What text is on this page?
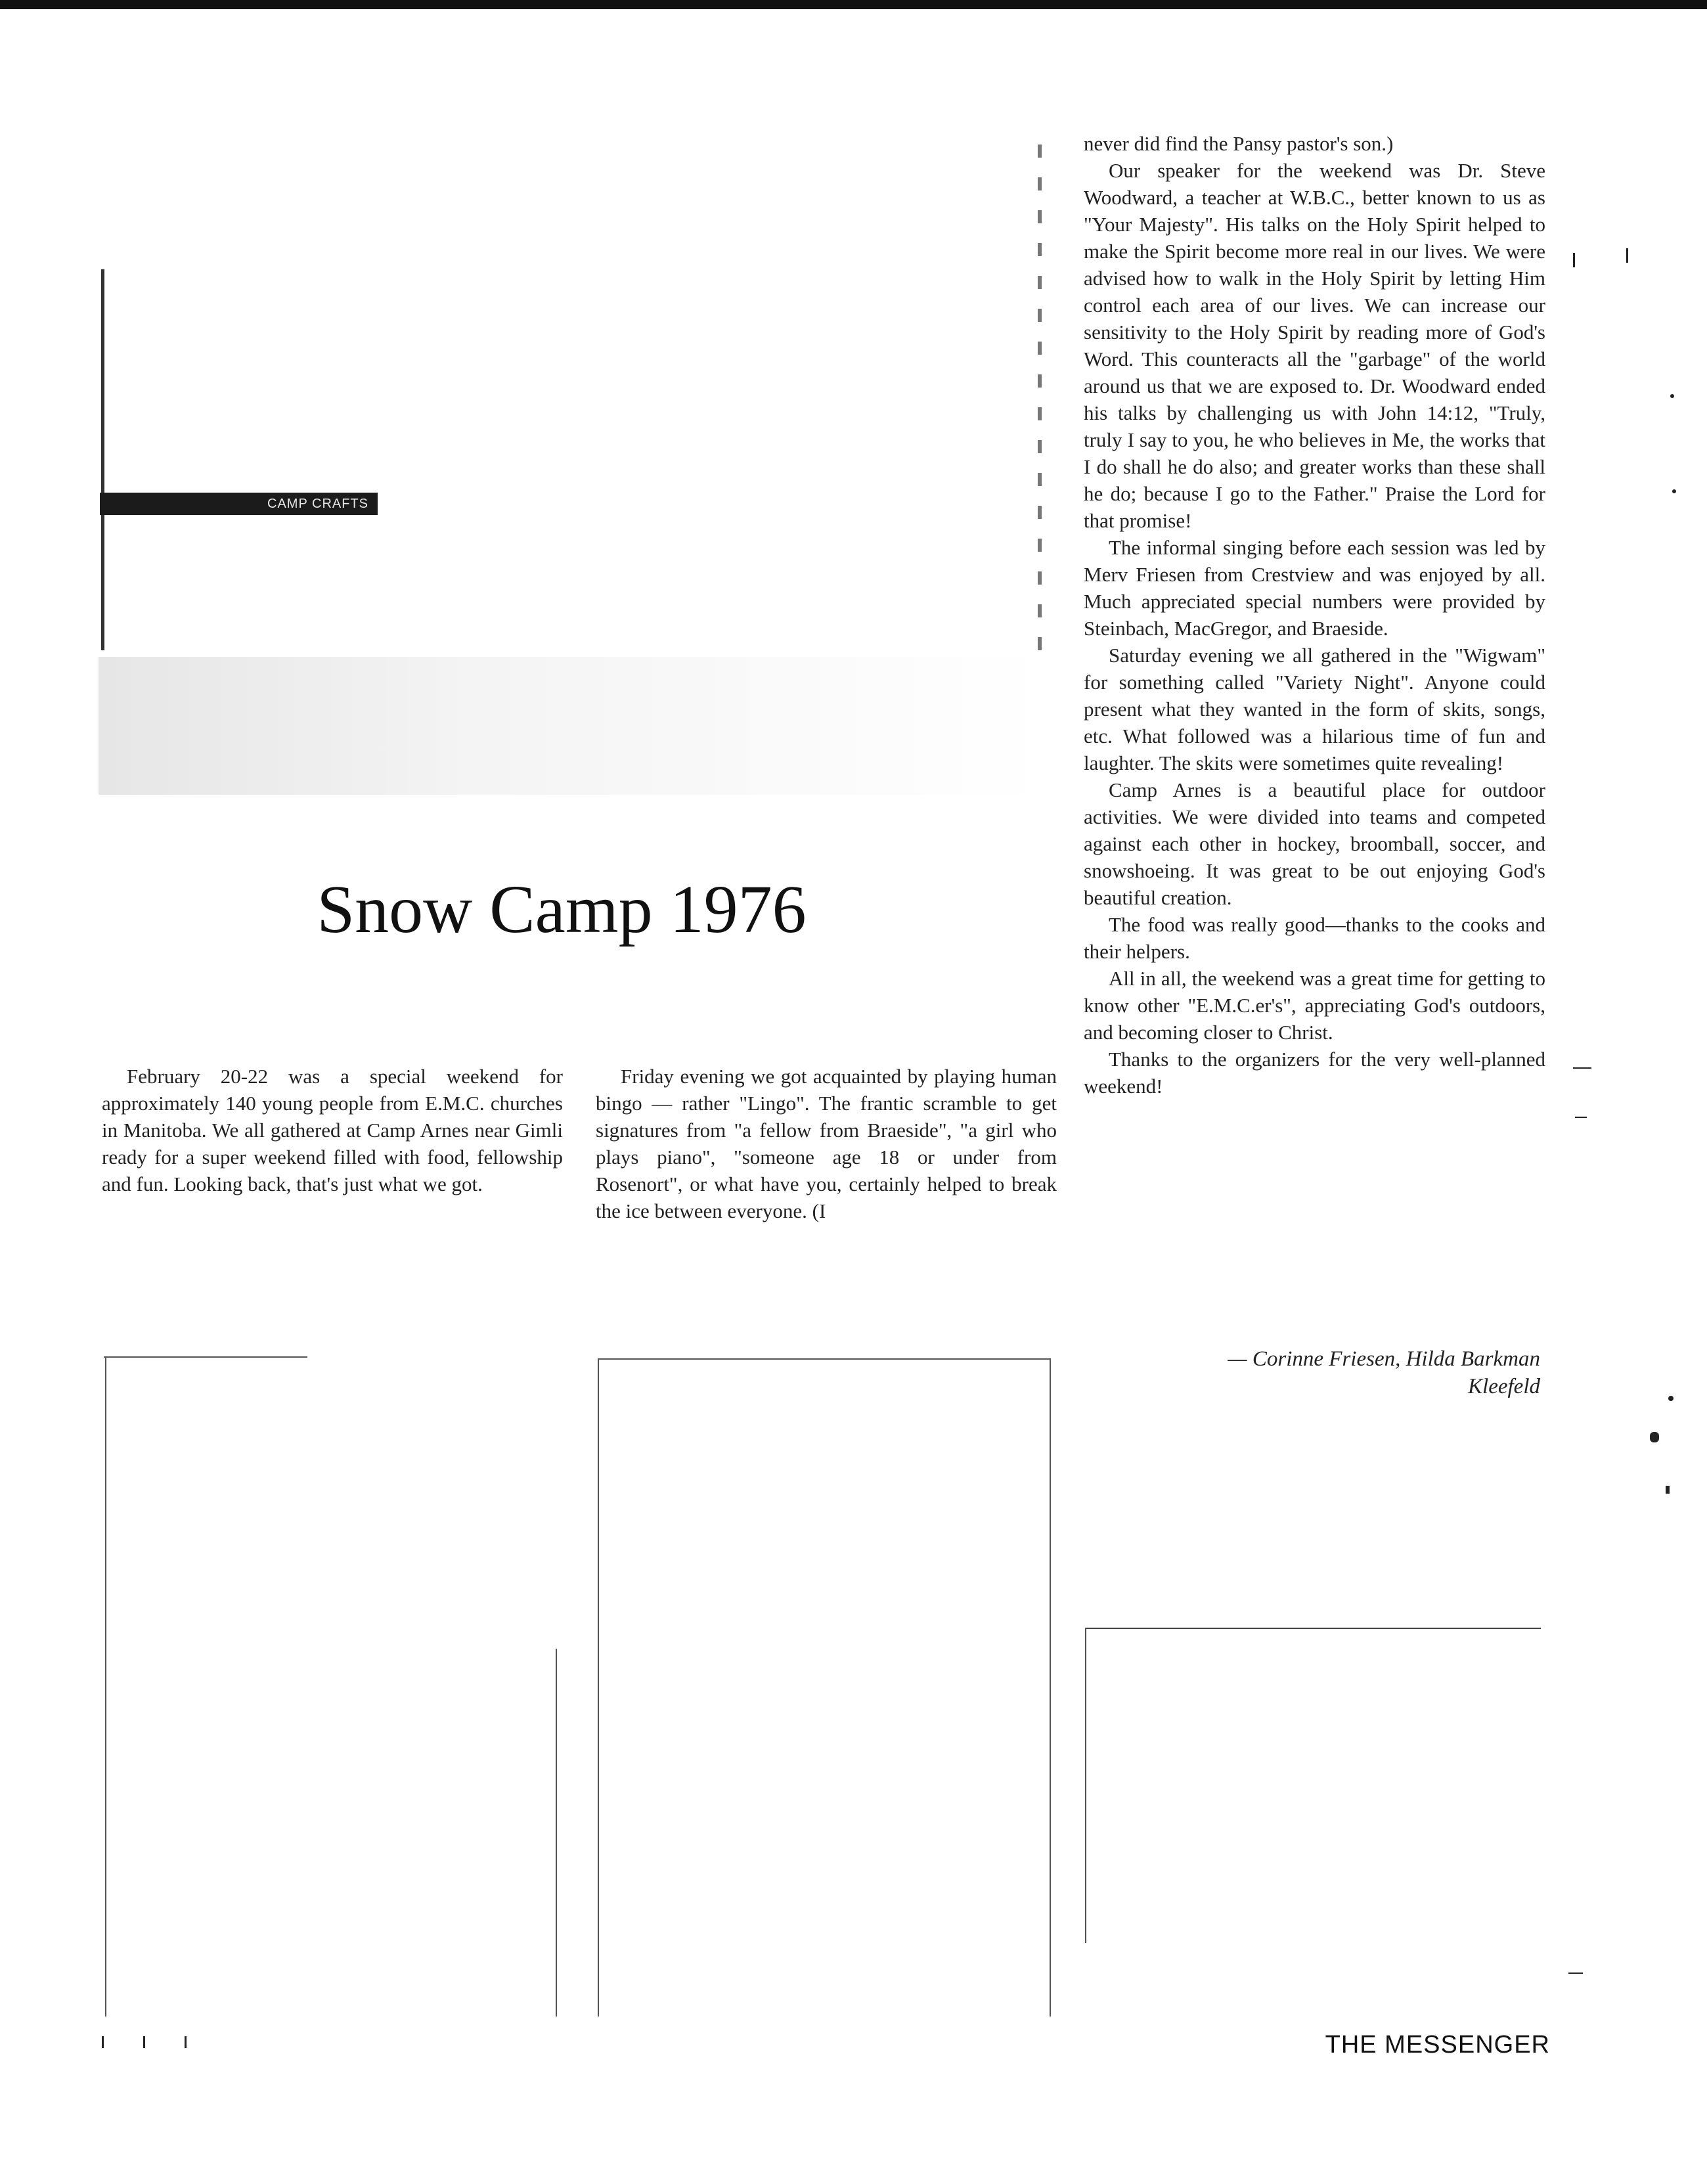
CAMP CRAFTS
Snow Camp 1976

February 20-22 was a special weekend for approximately 140 young people from E.M.C. churches in Manitoba. We all gathered at Camp Arnes near Gimli ready for a super weekend filled with food, fellowship and fun. Looking back, that's just what we got.

Friday evening we got acquainted by playing human bingo — rather "Lingo". The frantic scramble to get signatures from "a fellow from Braeside", "a girl who plays piano", "someone age 18 or under from Rosenort", or what have you, certainly helped to break the ice between everyone. (I

never did find the Pansy pastor's son.)

Our speaker for the weekend was Dr. Steve Woodward, a teacher at W.B.C., better known to us as "Your Majesty". His talks on the Holy Spirit helped to make the Spirit become more real in our lives. We were advised how to walk in the Holy Spirit by letting Him control each area of our lives. We can increase our sensitivity to the Holy Spirit by reading more of God's Word. This counteracts all the "garbage" of the world around us that we are exposed to. Dr. Woodward ended his talks by challenging us with John 14:12, "Truly, truly I say to you, he who believes in Me, the works that I do shall he do also; and greater works than these shall he do; because I go to the Father." Praise the Lord for that promise!

The informal singing before each session was led by Merv Friesen from Crestview and was enjoyed by all. Much appreciated special numbers were provided by Steinbach, MacGregor, and Braeside.

Saturday evening we all gathered in the "Wigwam" for something called "Variety Night". Anyone could present what they wanted in the form of skits, songs, etc. What followed was a hilarious time of fun and laughter. The skits were sometimes quite revealing!

Camp Arnes is a beautiful place for outdoor activities. We were divided into teams and competed against each other in hockey, broomball, soccer, and snowshoeing. It was great to be out enjoying God's beautiful creation.

The food was really good—thanks to the cooks and their helpers.

All in all, the weekend was a great time for getting to know other "E.M.C.er's", appreciating God's outdoors, and becoming closer to Christ.

Thanks to the organizers for the very well-planned weekend!

— Corinne Friesen, Hilda Barkman
Kleefeld
THE MESSENGER
